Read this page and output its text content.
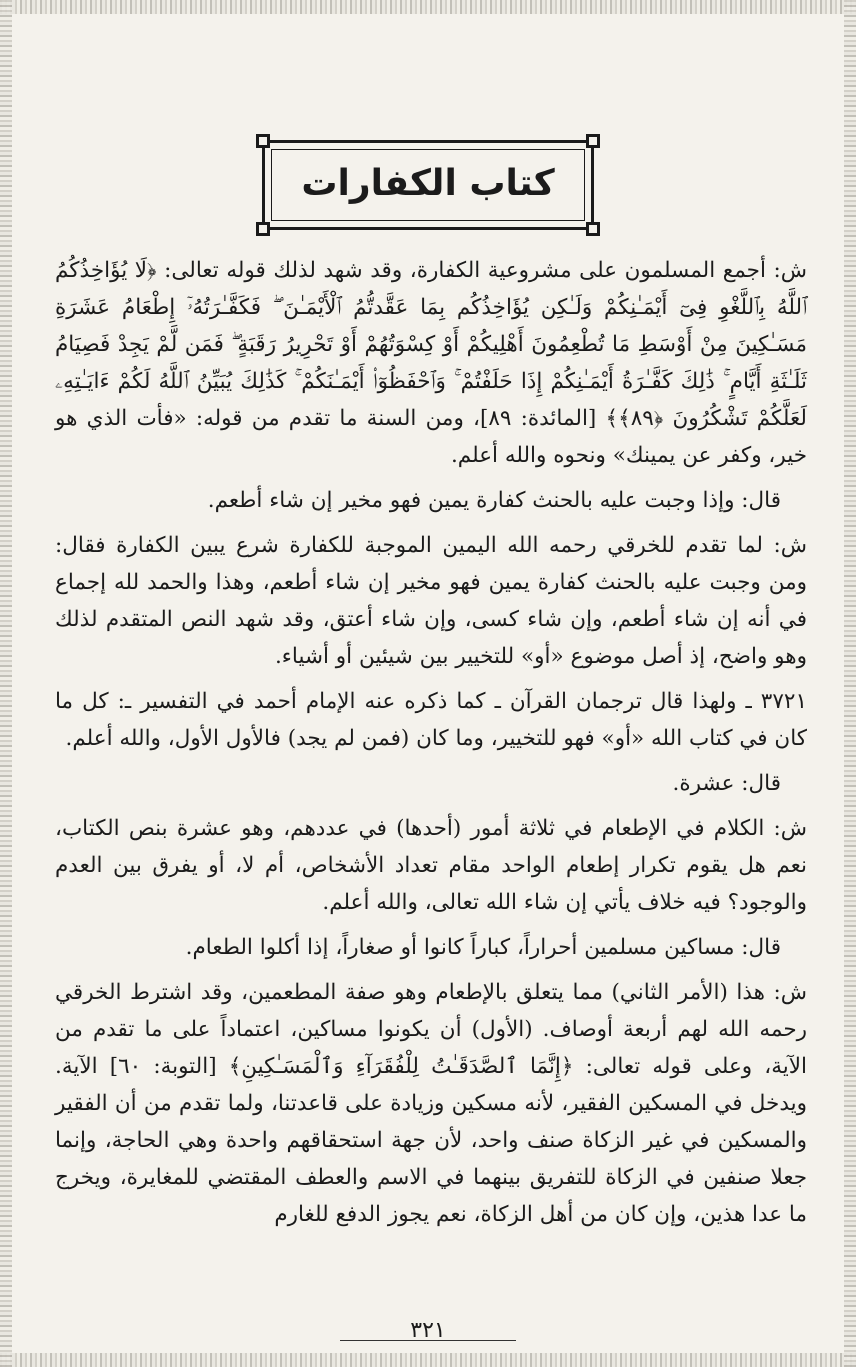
كتاب الكفارات

ش: أجمع المسلمون على مشروعية الكفارة، وقد شهد لذلك قوله تعالى: ﴿لَا يُؤَاخِذُكُمُ ٱللَّهُ بِٱللَّغْوِ فِىٓ أَيْمَـٰنِكُمْ وَلَـٰكِن يُؤَاخِذُكُم بِمَا عَقَّدتُّمُ ٱلْأَيْمَـٰنَ ۖ فَكَفَّـٰرَتُهُۥٓ إِطْعَامُ عَشَرَةِ مَسَـٰكِينَ مِنْ أَوْسَطِ مَا تُطْعِمُونَ أَهْلِيكُمْ أَوْ كِسْوَتُهُمْ أَوْ تَحْرِيرُ رَقَبَةٍ ۖ فَمَن لَّمْ يَجِدْ فَصِيَامُ ثَلَـٰثَةِ أَيَّامٍ ۚ ذَٰلِكَ كَفَّـٰرَةُ أَيْمَـٰنِكُمْ إِذَا حَلَفْتُمْ ۚ وَٱحْفَظُوٓا۟ أَيْمَـٰنَكُمْ ۚ كَذَٰلِكَ يُبَيِّنُ ٱللَّهُ لَكُمْ ءَايَـٰتِهِۦ لَعَلَّكُمْ تَشْكُرُونَ ﴿٨٩﴾﴾ [المائدة: ٨٩]، ومن السنة ما تقدم من قوله: «فأت الذي هو خير، وكفر عن يمينك» ونحوه والله أعلم.

قال: وإذا وجبت عليه بالحنث كفارة يمين فهو مخير إن شاء أطعم.

ش: لما تقدم للخرقي رحمه الله اليمين الموجبة للكفارة شرع يبين الكفارة فقال: ومن وجبت عليه بالحنث كفارة يمين فهو مخير إن شاء أطعم، وهذا والحمد لله إجماع في أنه إن شاء أطعم، وإن شاء كسى، وإن شاء أعتق، وقد شهد النص المتقدم لذلك وهو واضح، إذ أصل موضوع «أو» للتخيير بين شيئين أو أشياء.

٣٧٢١ ـ ولهذا قال ترجمان القرآن ـ كما ذكره عنه الإمام أحمد في التفسير ـ: كل ما كان في كتاب الله «أو» فهو للتخيير، وما كان (فمن لم يجد) فالأول الأول، والله أعلم.

قال: عشرة.

ش: الكلام في الإطعام في ثلاثة أمور (أحدها) في عددهم، وهو عشرة بنص الكتاب، نعم هل يقوم تكرار إطعام الواحد مقام تعداد الأشخاص، أم لا، أو يفرق بين العدم والوجود؟ فيه خلاف يأتي إن شاء الله تعالى، والله أعلم.

قال: مساكين مسلمين أحراراً، كباراً كانوا أو صغاراً، إذا أكلوا الطعام.

ش: هذا (الأمر الثاني) مما يتعلق بالإطعام وهو صفة المطعمين، وقد اشترط الخرقي رحمه الله لهم أربعة أوصاف. (الأول) أن يكونوا مساكين، اعتماداً على ما تقدم من الآية، وعلى قوله تعالى: ﴿إِنَّمَا ٱلصَّدَقَـٰتُ لِلْفُقَرَآءِ وَٱلْمَسَـٰكِينِ﴾ [التوبة: ٦٠] الآية. ويدخل في المسكين الفقير، لأنه مسكين وزيادة على قاعدتنا، ولما تقدم من أن الفقير والمسكين في غير الزكاة صنف واحد، لأن جهة استحقاقهم واحدة وهي الحاجة، وإنما جعلا صنفين في الزكاة للتفريق بينهما في الاسم والعطف المقتضي للمغايرة، ويخرج ما عدا هذين، وإن كان من أهل الزكاة، نعم يجوز الدفع للغارم

٣٢١
